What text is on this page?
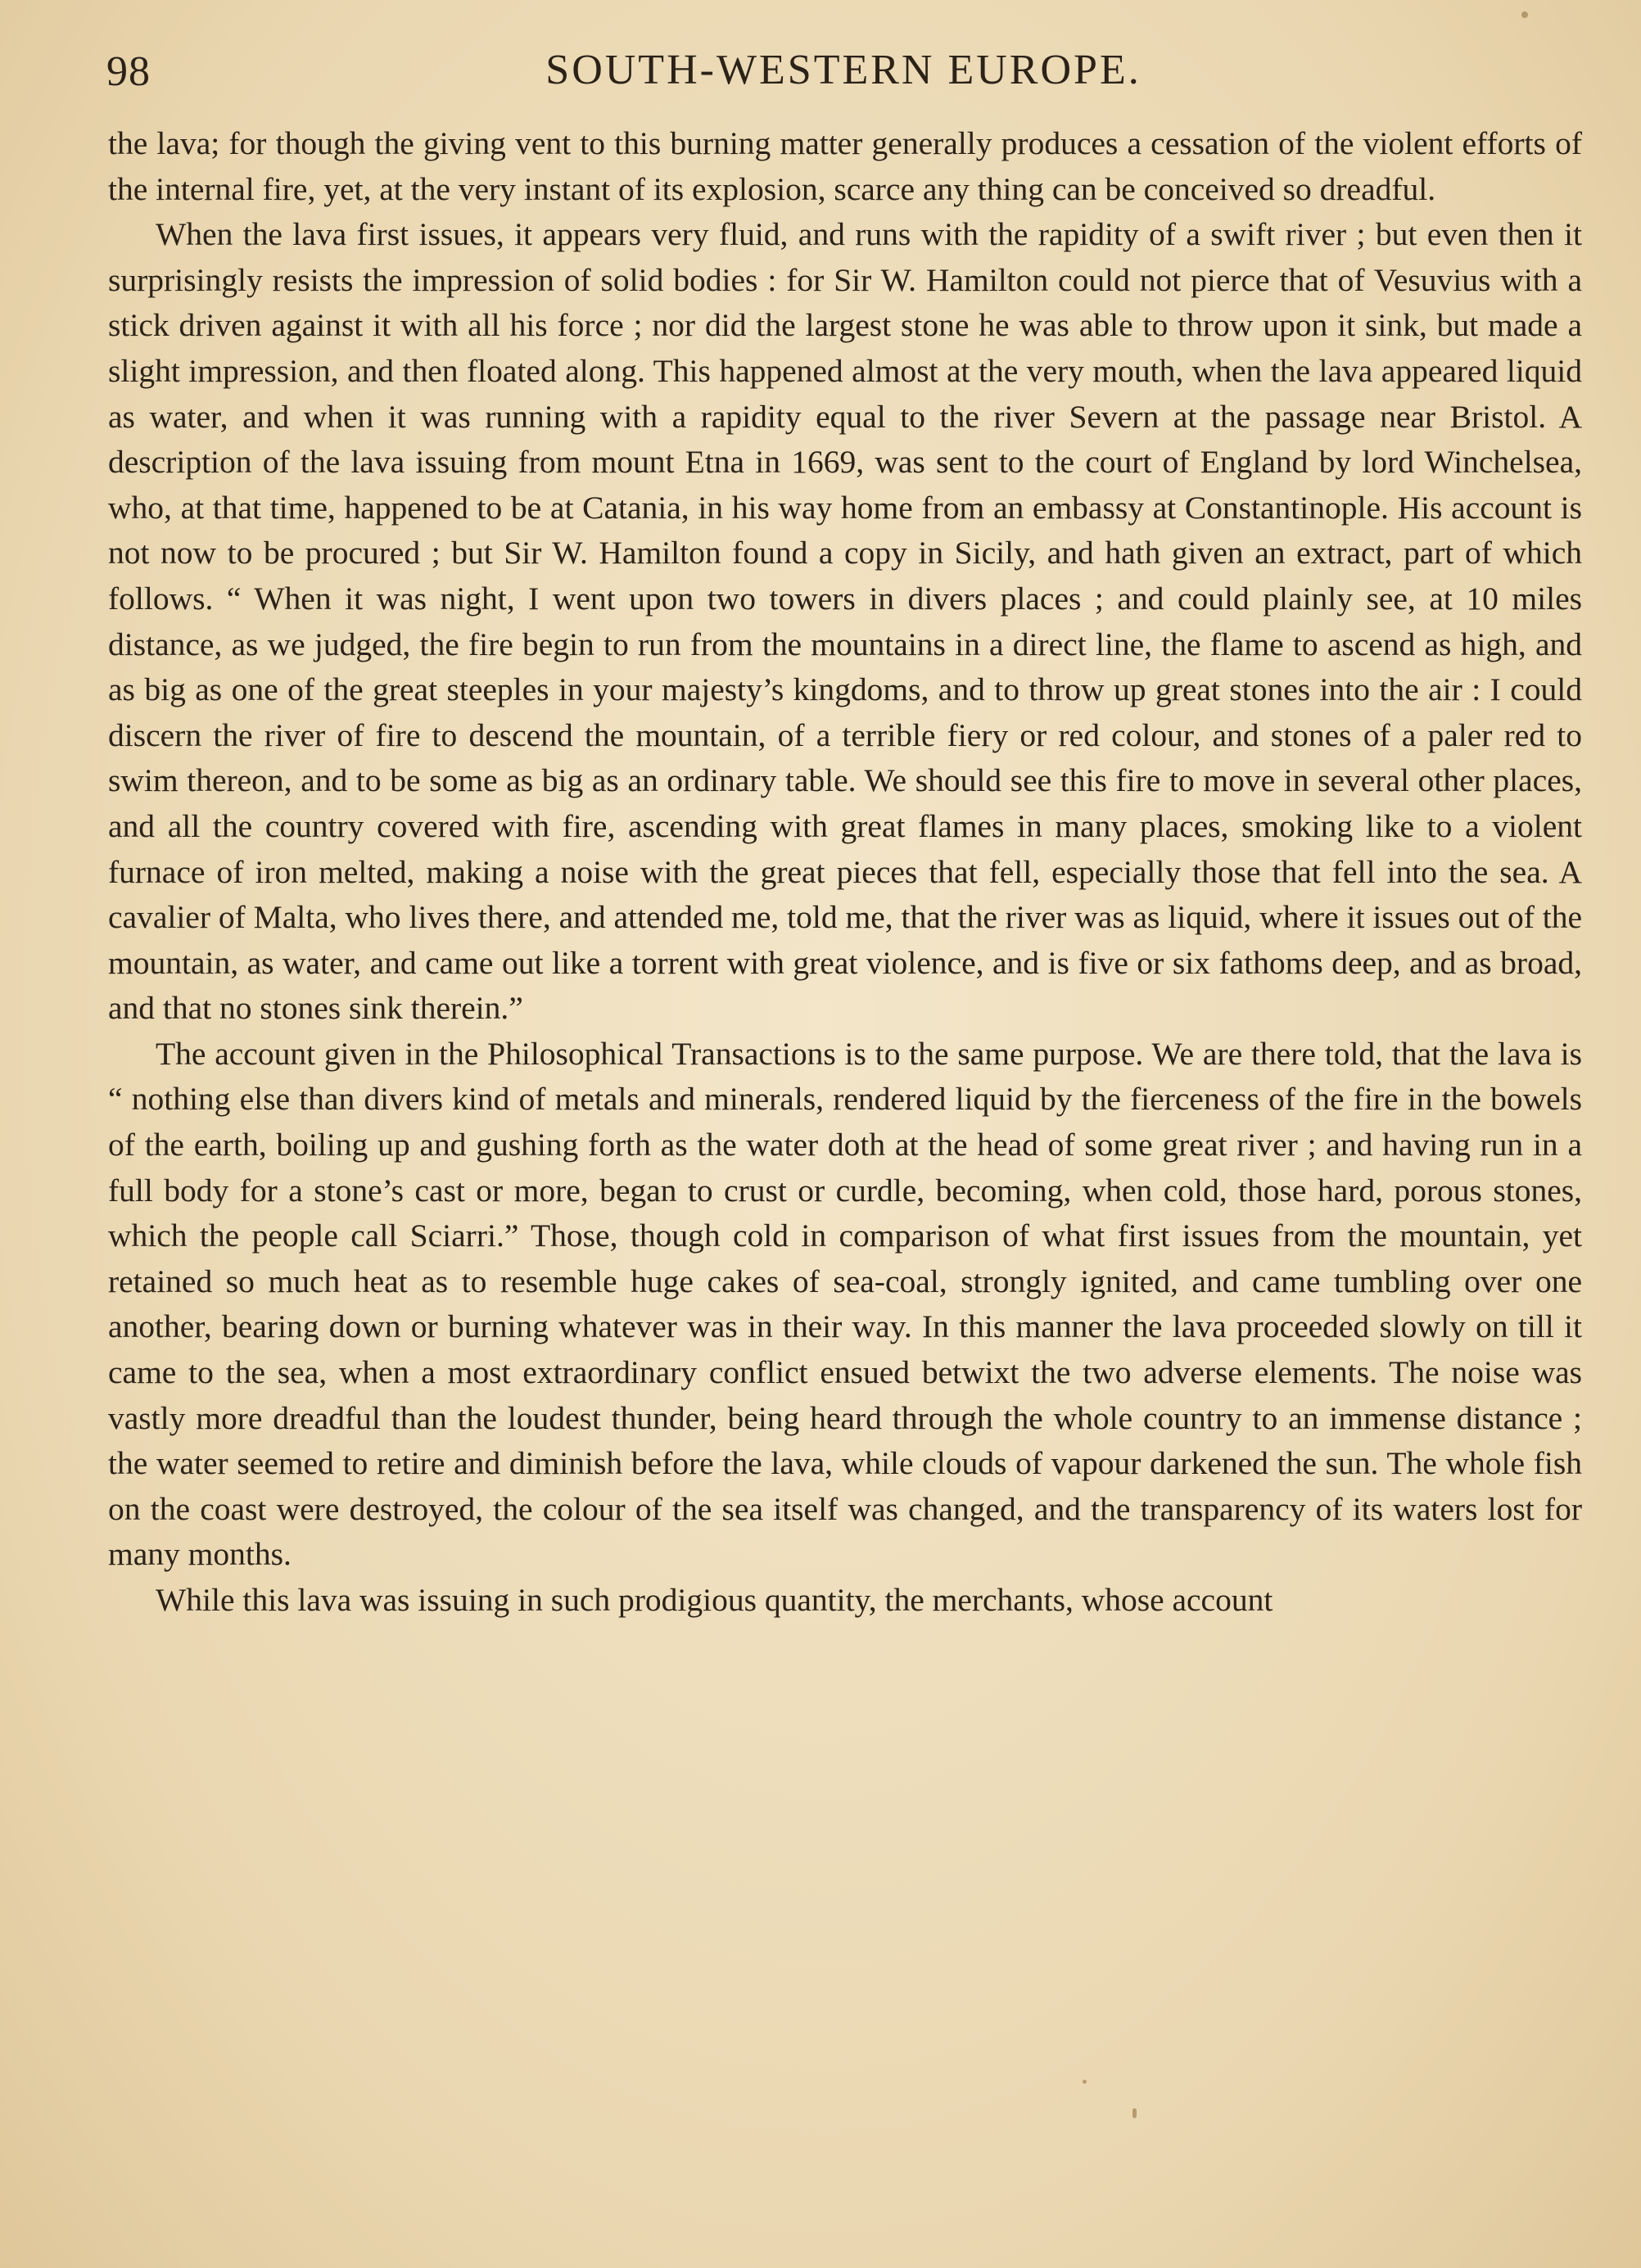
98	SOUTH-WESTERN EUROPE.

the lava; for though the giving vent to this burning matter generally produces a cessation of the violent efforts of the internal fire, yet, at the very instant of its explosion, scarce any thing can be conceived so dreadful.

When the lava first issues, it appears very fluid, and runs with the rapidity of a swift river ; but even then it surprisingly resists the impression of solid bodies : for Sir W. Hamilton could not pierce that of Vesuvius with a stick driven against it with all his force ; nor did the largest stone he was able to throw upon it sink, but made a slight impression, and then floated along. This happened almost at the very mouth, when the lava appeared liquid as water, and when it was running with a rapidity equal to the river Severn at the passage near Bristol. A description of the lava issuing from mount Etna in 1669, was sent to the court of England by lord Winchelsea, who, at that time, happened to be at Catania, in his way home from an embassy at Constantinople. His account is not now to be procured ; but Sir W. Hamilton found a copy in Sicily, and hath given an extract, part of which follows. “ When it was night, I went upon two towers in divers places ; and could plainly see, at 10 miles distance, as we judged, the fire begin to run from the mountains in a direct line, the flame to ascend as high, and as big as one of the great steeples in your majesty’s kingdoms, and to throw up great stones into the air : I could discern the river of fire to descend the mountain, of a terrible fiery or red colour, and stones of a paler red to swim thereon, and to be some as big as an ordinary table. We should see this fire to move in several other places, and all the country covered with fire, ascending with great flames in many places, smoking like to a violent furnace of iron melted, making a noise with the great pieces that fell, especially those that fell into the sea. A cavalier of Malta, who lives there, and attended me, told me, that the river was as liquid, where it issues out of the mountain, as water, and came out like a torrent with great violence, and is five or six fathoms deep, and as broad, and that no stones sink therein.”

The account given in the Philosophical Transactions is to the same purpose. We are there told, that the lava is “ nothing else than divers kind of metals and minerals, rendered liquid by the fierceness of the fire in the bowels of the earth, boiling up and gushing forth as the water doth at the head of some great river ; and having run in a full body for a stone’s cast or more, began to crust or curdle, becoming, when cold, those hard, porous stones, which the people call Sciarri.” Those, though cold in comparison of what first issues from the mountain, yet retained so much heat as to resemble huge cakes of sea-coal, strongly ignited, and came tumbling over one another, bearing down or burning whatever was in their way. In this manner the lava proceeded slowly on till it came to the sea, when a most extraordinary conflict ensued betwixt the two adverse elements. The noise was vastly more dreadful than the loudest thunder, being heard through the whole country to an immense distance ; the water seemed to retire and diminish before the lava, while clouds of vapour darkened the sun. The whole fish on the coast were destroyed, the colour of the sea itself was changed, and the transparency of its waters lost for many months.

While this lava was issuing in such prodigious quantity, the merchants, whose account
